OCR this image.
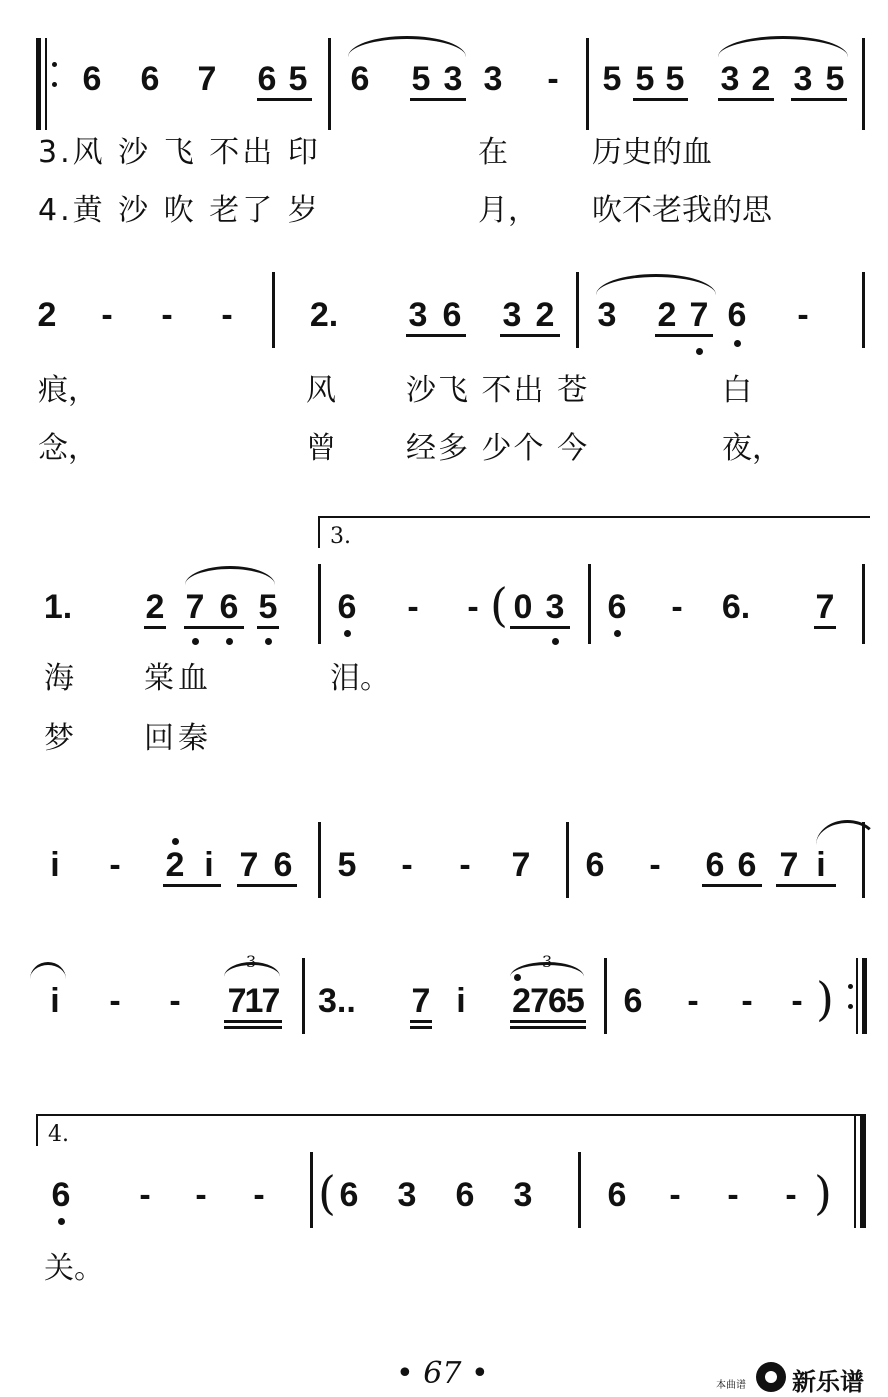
6 6 7 6 5 6 5 3 3 - 5 5 5 3 2 3 5
3.风 沙 飞 不出 印	在	历史的血
4.黄 沙 吹 老了 岁	月， 吹不老我的思
2 - - - 2. 3 6 3 2 3 2 7 6 -
痕，	风 沙飞 不出 苍	白
念，	曾 经多 少个 今	夜，
3.
1. 2 7 6 5 6 - - ( 0 3 6 - 6. 7
海 棠血	泪。
梦 回秦
i	- 2 i 7 6 5 - - 7 6 - 6 6 7 i
i	- -
3
717 3..	7 i
3
2765 6 - - - )
4.
6 - - - ( 6 3 6 3 6 - - - )
关。
• 67 •	本曲谱 新乐谱
